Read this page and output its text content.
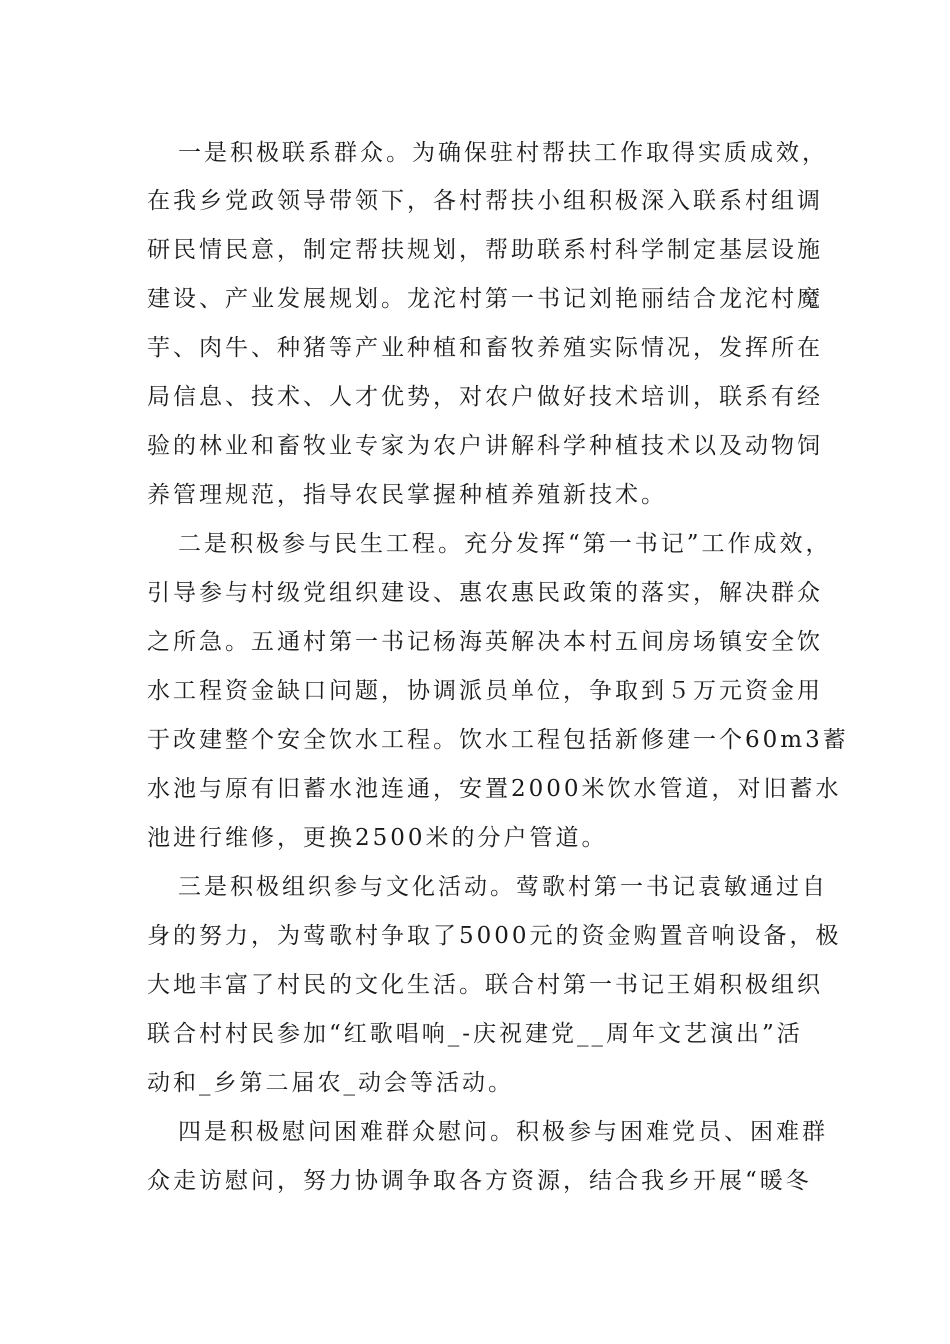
一是积极联系群众。为确保驻村帮扶工作取得实质成效，

在我乡党政领导带领下，各村帮扶小组积极深入联系村组调

研民情民意，制定帮扶规划，帮助联系村科学制定基层设施

建设、产业发展规划。龙沱村第一书记刘艳丽结合龙沱村魔

芋、肉牛、种猪等产业种植和畜牧养殖实际情况，发挥所在

局信息、技术、人才优势，对农户做好技术培训，联系有经

验的林业和畜牧业专家为农户讲解科学种植技术以及动物饲

养管理规范，指导农民掌握种植养殖新技术。

二是积极参与民生工程。充分发挥“第一书记”工作成效，

引导参与村级党组织建设、惠农惠民政策的落实，解决群众

之所急。五通村第一书记杨海英解决本村五间房场镇安全饮

水工程资金缺口问题，协调派员单位，争取到５万元资金用

于改建整个安全饮水工程。饮水工程包括新修建一个60m3蓄

水池与原有旧蓄水池连通，安置2000米饮水管道，对旧蓄水

池进行维修，更换2500米的分户管道。

三是积极组织参与文化活动。莺歌村第一书记袁敏通过自

身的努力，为莺歌村争取了5000元的资金购置音响设备，极

大地丰富了村民的文化生活。联合村第一书记王娟积极组织

联合村村民参加“红歌唱响_-庆祝建党__周年文艺演出”活

动和_乡第二届农_动会等活动。

四是积极慰问困难群众慰问。积极参与困难党员、困难群

众走访慰问，努力协调争取各方资源，结合我乡开展“暖冬
